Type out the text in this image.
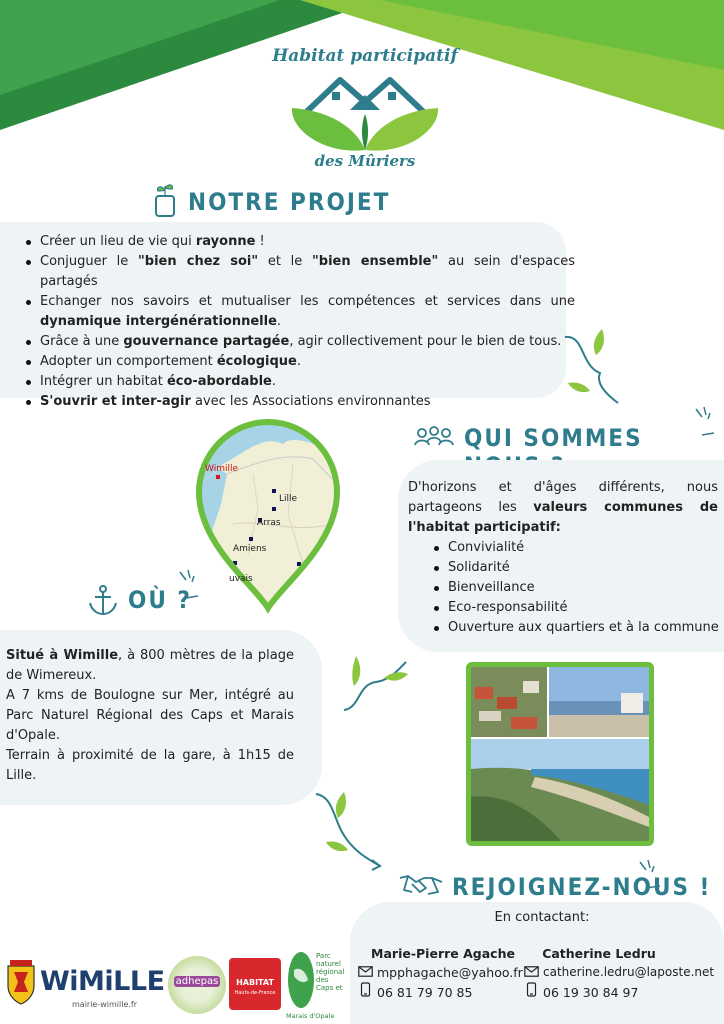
Habitat participatif
des Mûriers
NOTRE PROJET
Créer un lieu de vie qui rayonne !
Conjuguer le "bien chez soi" et le "bien ensemble" au sein d'espaces partagés
Echanger nos savoirs et mutualiser les compétences et services dans une dynamique intergénérationnelle.
Grâce à une gouvernance partagée, agir collectivement pour le bien de tous.
Adopter un comportement écologique.
Intégrer un habitat éco-abordable.
S'ouvrir et inter-agir avec les Associations environnantes
Wimille
Lille
Arras
Amiens
uvais
QUI SOMMES
D'horizons et d'âges différents, nous partageons les valeurs communes de l'habitat participatif:
Convivialité
Solidarité
Bienveillance
Eco-responsabilité
Ouverture aux quartiers et à la commune
OÙ ?
Situé à Wimille, à 800 mètres de la plage de Wimereux.
A 7 kms de Boulogne sur Mer, intégré au Parc Naturel Régional des Caps et Marais d'Opale.
Terrain à proximité de la gare, à 1h15 de Lille.
REJOIGNEZ-NOUS !
En contactant:
Marie-Pierre Agache
mpphagache@yahoo.fr
06 81 79 70 85
Catherine Ledru
catherine.ledru@laposte.net
06 19 30 84 97
WiMiLLE
mairie-wimille.fr
adhepas	HABITAT
Hauts-de-France
Parc
naturel
régional
des
Caps et
Marais d'Opale
